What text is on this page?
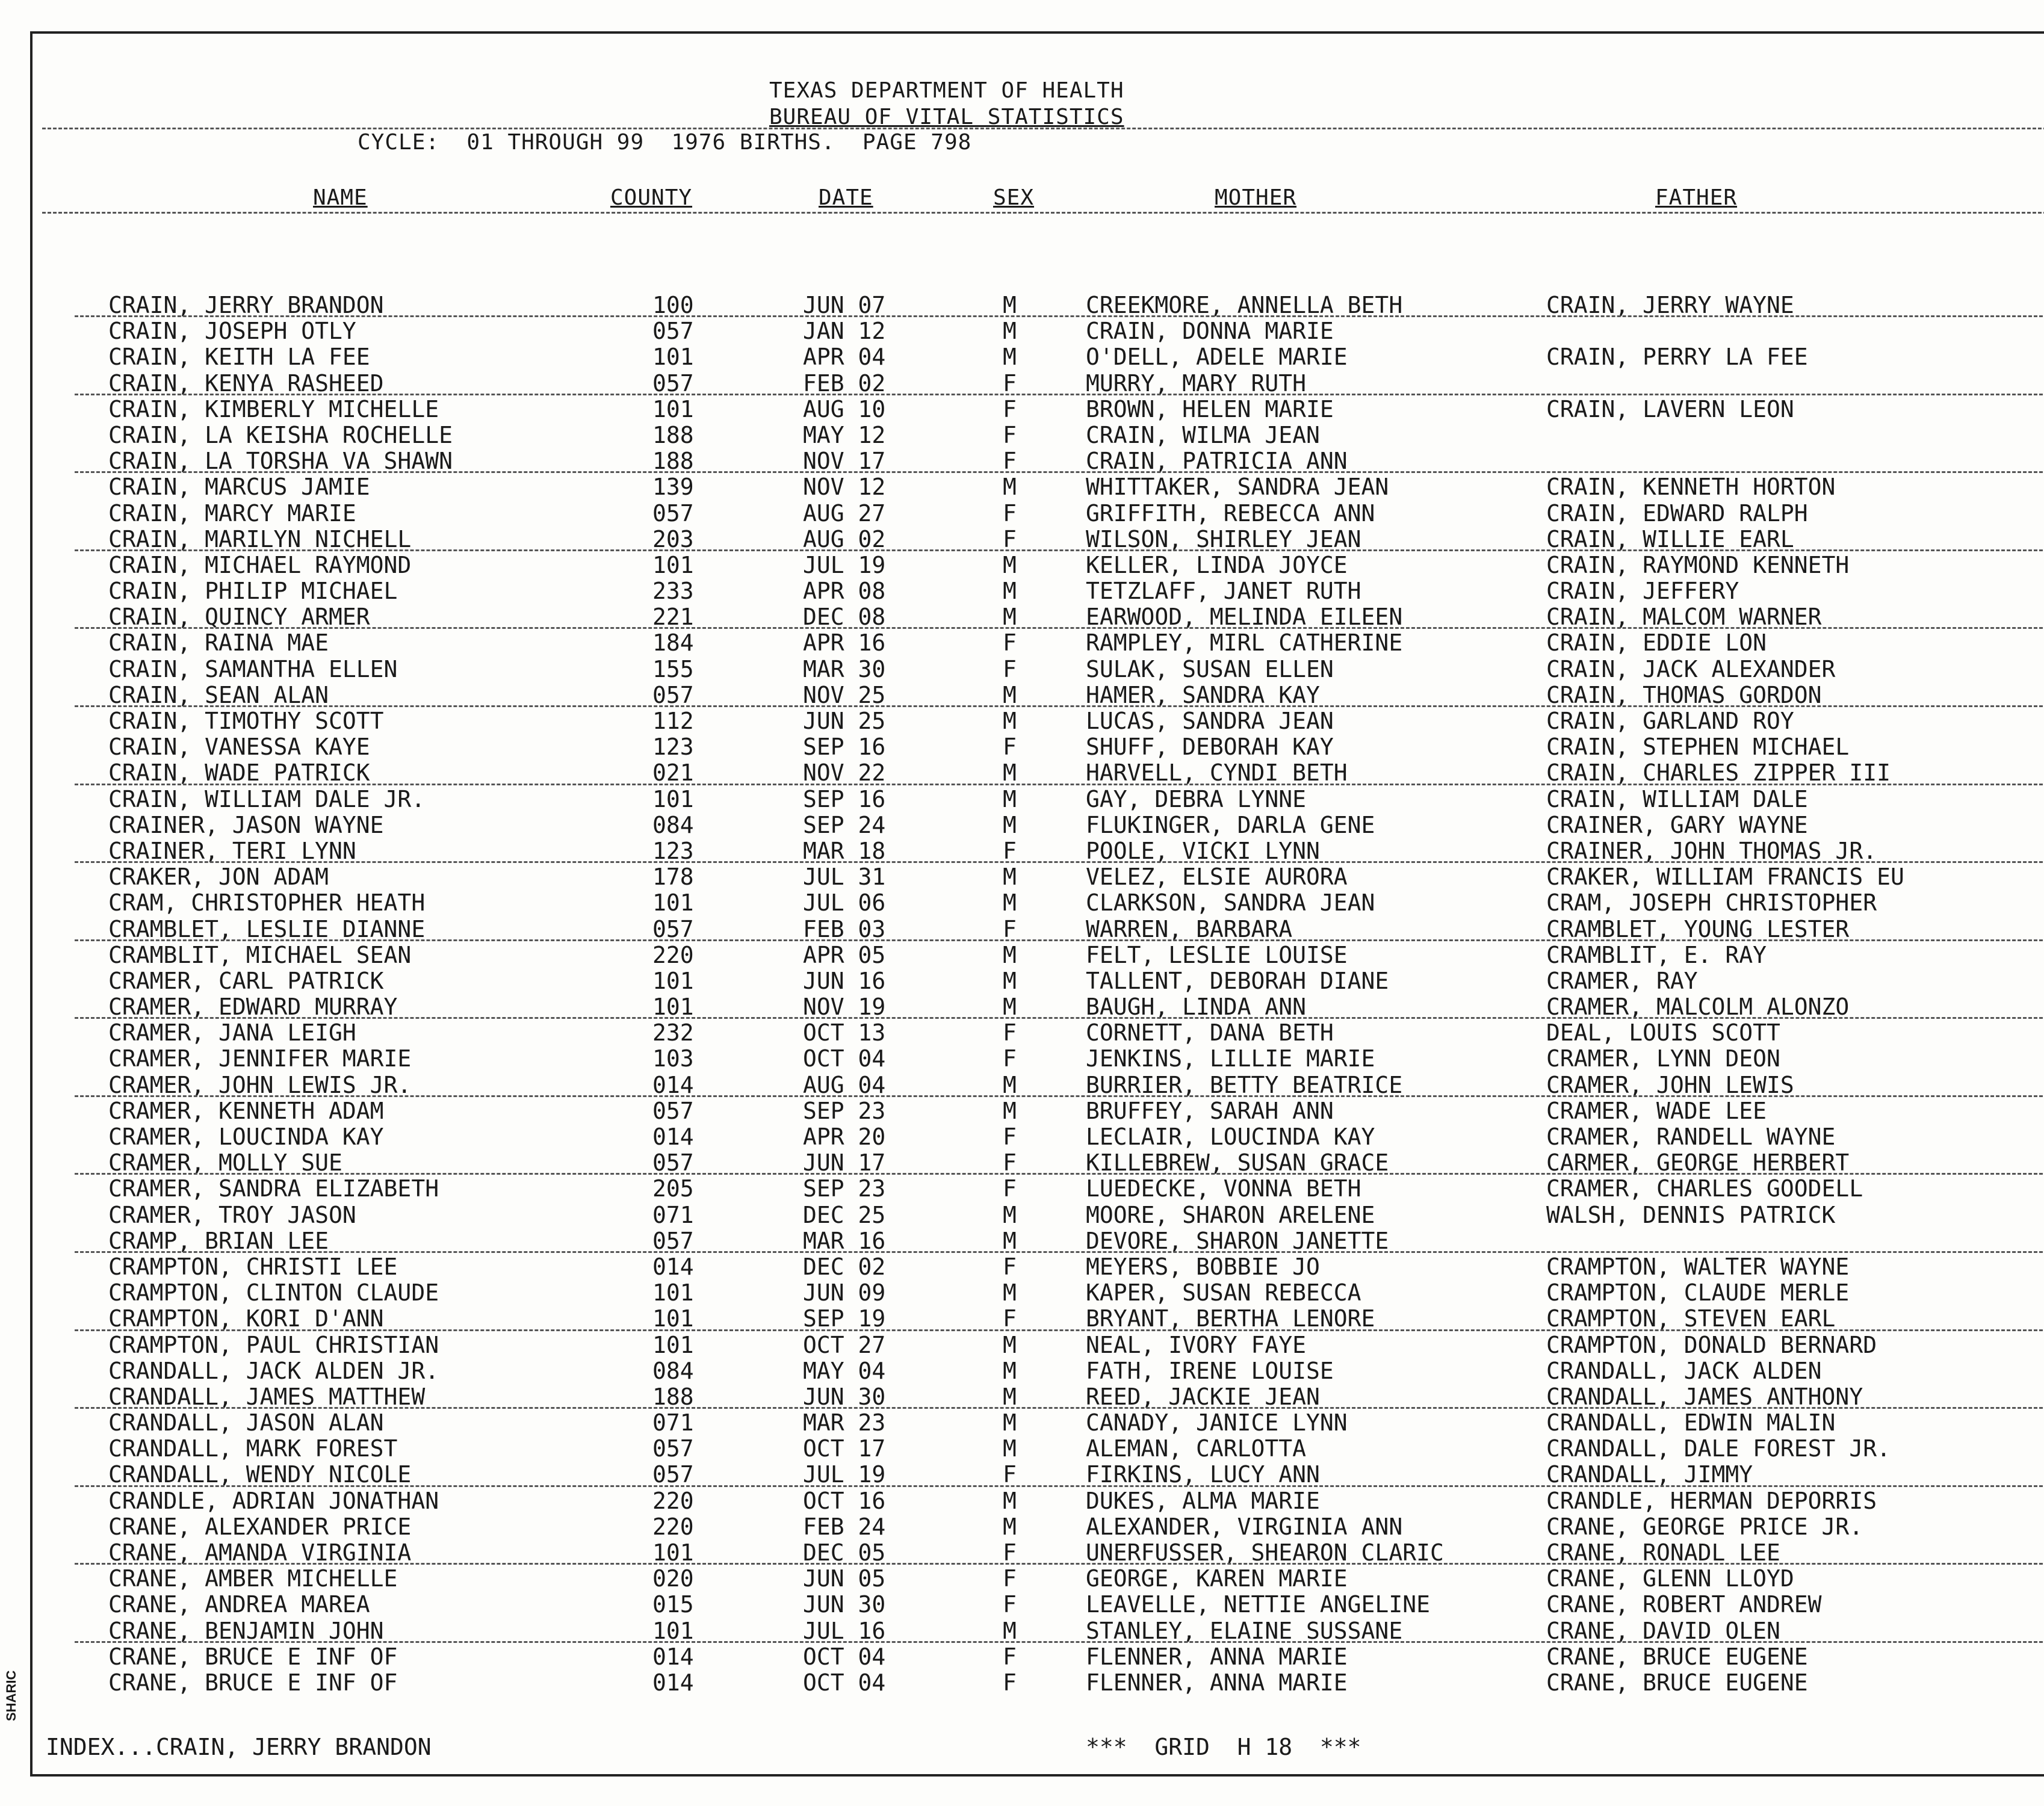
TEXAS DEPARTMENT OF HEALTH
BUREAU OF VITAL STATISTICS
CYCLE:  01 THROUGH 99  1976 BIRTHS.  PAGE 798
NAME	COUNTY	DATE	SEX	MOTHER	FATHER
CRAIN, JERRY BRANDON	100	JUN 07	M	CREEKMORE, ANNELLA BETH	CRAIN, JERRY WAYNE
CRAIN, JOSEPH OTLY	057	JAN 12	M	CRAIN, DONNA MARIE
CRAIN, KEITH LA FEE	101	APR 04	M	O'DELL, ADELE MARIE	CRAIN, PERRY LA FEE
CRAIN, KENYA RASHEED	057	FEB 02	F	MURRY, MARY RUTH
CRAIN, KIMBERLY MICHELLE	101	AUG 10	F	BROWN, HELEN MARIE	CRAIN, LAVERN LEON
CRAIN, LA KEISHA ROCHELLE	188	MAY 12	F	CRAIN, WILMA JEAN
CRAIN, LA TORSHA VA SHAWN	188	NOV 17	F	CRAIN, PATRICIA ANN
CRAIN, MARCUS JAMIE	139	NOV 12	M	WHITTAKER, SANDRA JEAN	CRAIN, KENNETH HORTON
CRAIN, MARCY MARIE	057	AUG 27	F	GRIFFITH, REBECCA ANN	CRAIN, EDWARD RALPH
CRAIN, MARILYN NICHELL	203	AUG 02	F	WILSON, SHIRLEY JEAN	CRAIN, WILLIE EARL
CRAIN, MICHAEL RAYMOND	101	JUL 19	M	KELLER, LINDA JOYCE	CRAIN, RAYMOND KENNETH
CRAIN, PHILIP MICHAEL	233	APR 08	M	TETZLAFF, JANET RUTH	CRAIN, JEFFERY
CRAIN, QUINCY ARMER	221	DEC 08	M	EARWOOD, MELINDA EILEEN	CRAIN, MALCOM WARNER
CRAIN, RAINA MAE	184	APR 16	F	RAMPLEY, MIRL CATHERINE	CRAIN, EDDIE LON
CRAIN, SAMANTHA ELLEN	155	MAR 30	F	SULAK, SUSAN ELLEN	CRAIN, JACK ALEXANDER
CRAIN, SEAN ALAN	057	NOV 25	M	HAMER, SANDRA KAY	CRAIN, THOMAS GORDON
CRAIN, TIMOTHY SCOTT	112	JUN 25	M	LUCAS, SANDRA JEAN	CRAIN, GARLAND ROY
CRAIN, VANESSA KAYE	123	SEP 16	F	SHUFF, DEBORAH KAY	CRAIN, STEPHEN MICHAEL
CRAIN, WADE PATRICK	021	NOV 22	M	HARVELL, CYNDI BETH	CRAIN, CHARLES ZIPPER III
CRAIN, WILLIAM DALE JR.	101	SEP 16	M	GAY, DEBRA LYNNE	CRAIN, WILLIAM DALE
CRAINER, JASON WAYNE	084	SEP 24	M	FLUKINGER, DARLA GENE	CRAINER, GARY WAYNE
CRAINER, TERI LYNN	123	MAR 18	F	POOLE, VICKI LYNN	CRAINER, JOHN THOMAS JR.
CRAKER, JON ADAM	178	JUL 31	M	VELEZ, ELSIE AURORA	CRAKER, WILLIAM FRANCIS EU
CRAM, CHRISTOPHER HEATH	101	JUL 06	M	CLARKSON, SANDRA JEAN	CRAM, JOSEPH CHRISTOPHER
CRAMBLET, LESLIE DIANNE	057	FEB 03	F	WARREN, BARBARA	CRAMBLET, YOUNG LESTER
CRAMBLIT, MICHAEL SEAN	220	APR 05	M	FELT, LESLIE LOUISE	CRAMBLIT, E. RAY
CRAMER, CARL PATRICK	101	JUN 16	M	TALLENT, DEBORAH DIANE	CRAMER, RAY
CRAMER, EDWARD MURRAY	101	NOV 19	M	BAUGH, LINDA ANN	CRAMER, MALCOLM ALONZO
CRAMER, JANA LEIGH	232	OCT 13	F	CORNETT, DANA BETH	DEAL, LOUIS SCOTT
CRAMER, JENNIFER MARIE	103	OCT 04	F	JENKINS, LILLIE MARIE	CRAMER, LYNN DEON
CRAMER, JOHN LEWIS JR.	014	AUG 04	M	BURRIER, BETTY BEATRICE	CRAMER, JOHN LEWIS
CRAMER, KENNETH ADAM	057	SEP 23	M	BRUFFEY, SARAH ANN	CRAMER, WADE LEE
CRAMER, LOUCINDA KAY	014	APR 20	F	LECLAIR, LOUCINDA KAY	CRAMER, RANDELL WAYNE
CRAMER, MOLLY SUE	057	JUN 17	F	KILLEBREW, SUSAN GRACE	CARMER, GEORGE HERBERT
CRAMER, SANDRA ELIZABETH	205	SEP 23	F	LUEDECKE, VONNA BETH	CRAMER, CHARLES GOODELL
CRAMER, TROY JASON	071	DEC 25	M	MOORE, SHARON ARELENE	WALSH, DENNIS PATRICK
CRAMP, BRIAN LEE	057	MAR 16	M	DEVORE, SHARON JANETTE
CRAMPTON, CHRISTI LEE	014	DEC 02	F	MEYERS, BOBBIE JO	CRAMPTON, WALTER WAYNE
CRAMPTON, CLINTON CLAUDE	101	JUN 09	M	KAPER, SUSAN REBECCA	CRAMPTON, CLAUDE MERLE
CRAMPTON, KORI D'ANN	101	SEP 19	F	BRYANT, BERTHA LENORE	CRAMPTON, STEVEN EARL
CRAMPTON, PAUL CHRISTIAN	101	OCT 27	M	NEAL, IVORY FAYE	CRAMPTON, DONALD BERNARD
CRANDALL, JACK ALDEN JR.	084	MAY 04	M	FATH, IRENE LOUISE	CRANDALL, JACK ALDEN
CRANDALL, JAMES MATTHEW	188	JUN 30	M	REED, JACKIE JEAN	CRANDALL, JAMES ANTHONY
CRANDALL, JASON ALAN	071	MAR 23	M	CANADY, JANICE LYNN	CRANDALL, EDWIN MALIN
CRANDALL, MARK FOREST	057	OCT 17	M	ALEMAN, CARLOTTA	CRANDALL, DALE FOREST JR.
CRANDALL, WENDY NICOLE	057	JUL 19	F	FIRKINS, LUCY ANN	CRANDALL, JIMMY
CRANDLE, ADRIAN JONATHAN	220	OCT 16	M	DUKES, ALMA MARIE	CRANDLE, HERMAN DEPORRIS
CRANE, ALEXANDER PRICE	220	FEB 24	M	ALEXANDER, VIRGINIA ANN	CRANE, GEORGE PRICE JR.
CRANE, AMANDA VIRGINIA	101	DEC 05	F	UNERFUSSER, SHEARON CLARIC	CRANE, RONADL LEE
CRANE, AMBER MICHELLE	020	JUN 05	F	GEORGE, KAREN MARIE	CRANE, GLENN LLOYD
CRANE, ANDREA MAREA	015	JUN 30	F	LEAVELLE, NETTIE ANGELINE	CRANE, ROBERT ANDREW
CRANE, BENJAMIN JOHN	101	JUL 16	M	STANLEY, ELAINE SUSSANE	CRANE, DAVID OLEN
CRANE, BRUCE E INF OF	014	OCT 04	F	FLENNER, ANNA MARIE	CRANE, BRUCE EUGENE
CRANE, BRUCE E INF OF	014	OCT 04	F	FLENNER, ANNA MARIE	CRANE, BRUCE EUGENE
INDEX...CRAIN, JERRY BRANDON	***  GRID  H 18  ***
SHARIC
